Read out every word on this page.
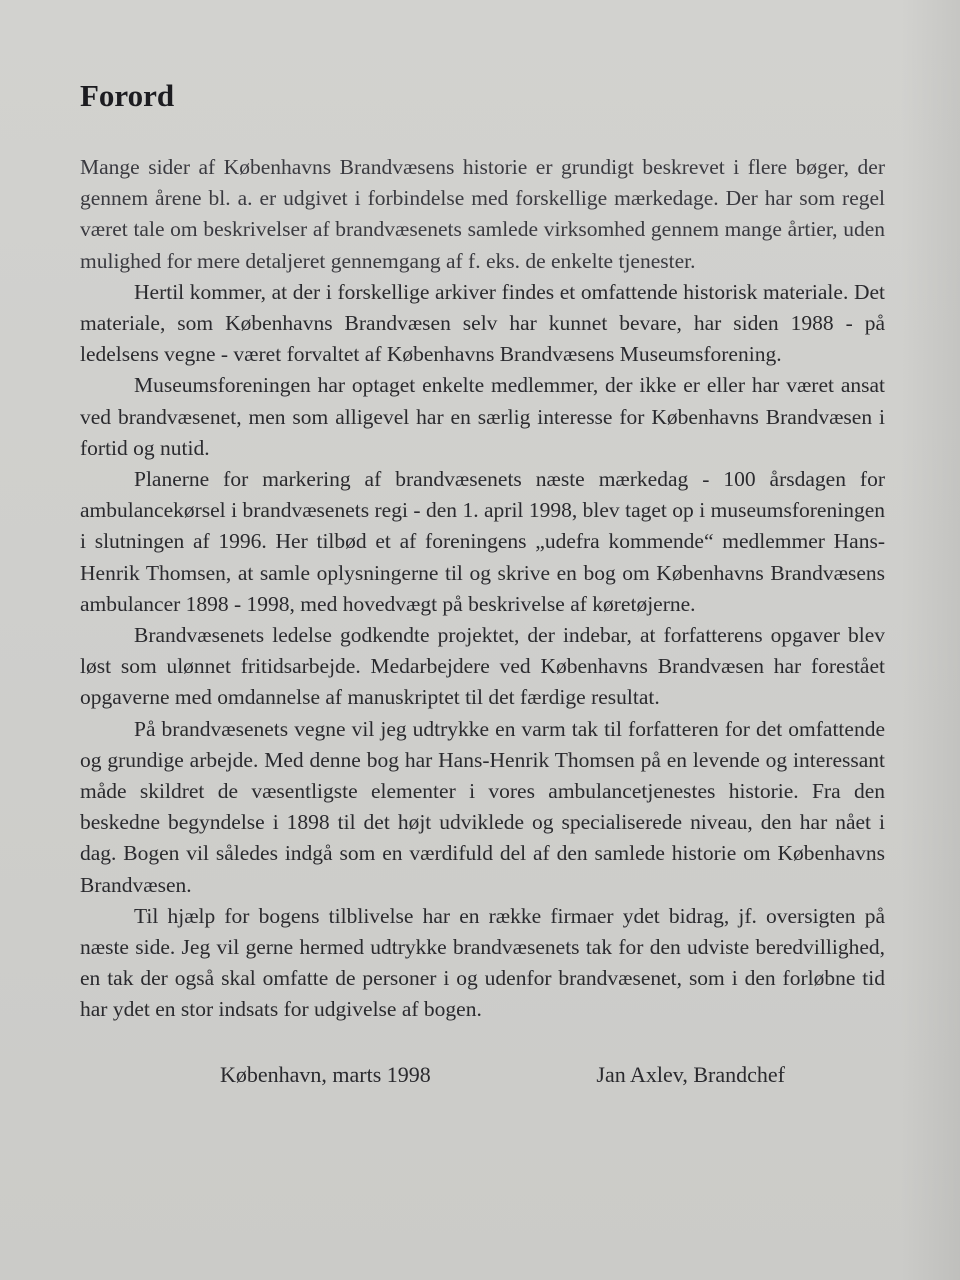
Forord

Mange sider af Københavns Brandvæsens historie er grundigt beskrevet i flere bøger, der gennem årene bl. a. er udgivet i forbindelse med forskellige mærkedage. Der har som regel været tale om beskrivelser af brandvæsenets samlede virksomhed gennem mange årtier, uden mulighed for mere detaljeret gennemgang af f. eks. de enkelte tjenester.

Hertil kommer, at der i forskellige arkiver findes et omfattende historisk materiale. Det materiale, som Københavns Brandvæsen selv har kunnet bevare, har siden 1988 - på ledelsens vegne - været forvaltet af Københavns Brandvæsens Museumsforening.

Museumsforeningen har optaget enkelte medlemmer, der ikke er eller har været ansat ved brandvæsenet, men som alligevel har en særlig interesse for Københavns Brandvæsen i fortid og nutid.

Planerne for markering af brandvæsenets næste mærkedag - 100 årsdagen for ambulancekørsel i brandvæsenets regi - den 1. april 1998, blev taget op i museumsforeningen i slutningen af 1996. Her tilbød et af foreningens „udefra kommende“ medlemmer Hans-Henrik Thomsen, at samle oplysningerne til og skrive en bog om Københavns Brandvæsens ambulancer 1898 - 1998, med hovedvægt på beskrivelse af køretøjerne.

Brandvæsenets ledelse godkendte projektet, der indebar, at forfatterens opgaver blev løst som ulønnet fritidsarbejde. Medarbejdere ved Københavns Brandvæsen har forestået opgaverne med omdannelse af manuskriptet til det færdige resultat.

På brandvæsenets vegne vil jeg udtrykke en varm tak til forfatteren for det omfattende og grundige arbejde. Med denne bog har Hans-Henrik Thomsen på en levende og interessant måde skildret de væsentligste elementer i vores ambulancetjenestes historie. Fra den beskedne begyndelse i 1898 til det højt udviklede og specialiserede niveau, den har nået i dag. Bogen vil således indgå som en værdifuld del af den samlede historie om Københavns Brandvæsen.

Til hjælp for bogens tilblivelse har en række firmaer ydet bidrag, jf. oversigten på næste side. Jeg vil gerne hermed udtrykke brandvæsenets tak for den udviste beredvillighed, en tak der også skal omfatte de personer i og udenfor brandvæsenet, som i den forløbne tid har ydet en stor indsats for udgivelse af bogen.

København, marts 1998	Jan Axlev, Brandchef
